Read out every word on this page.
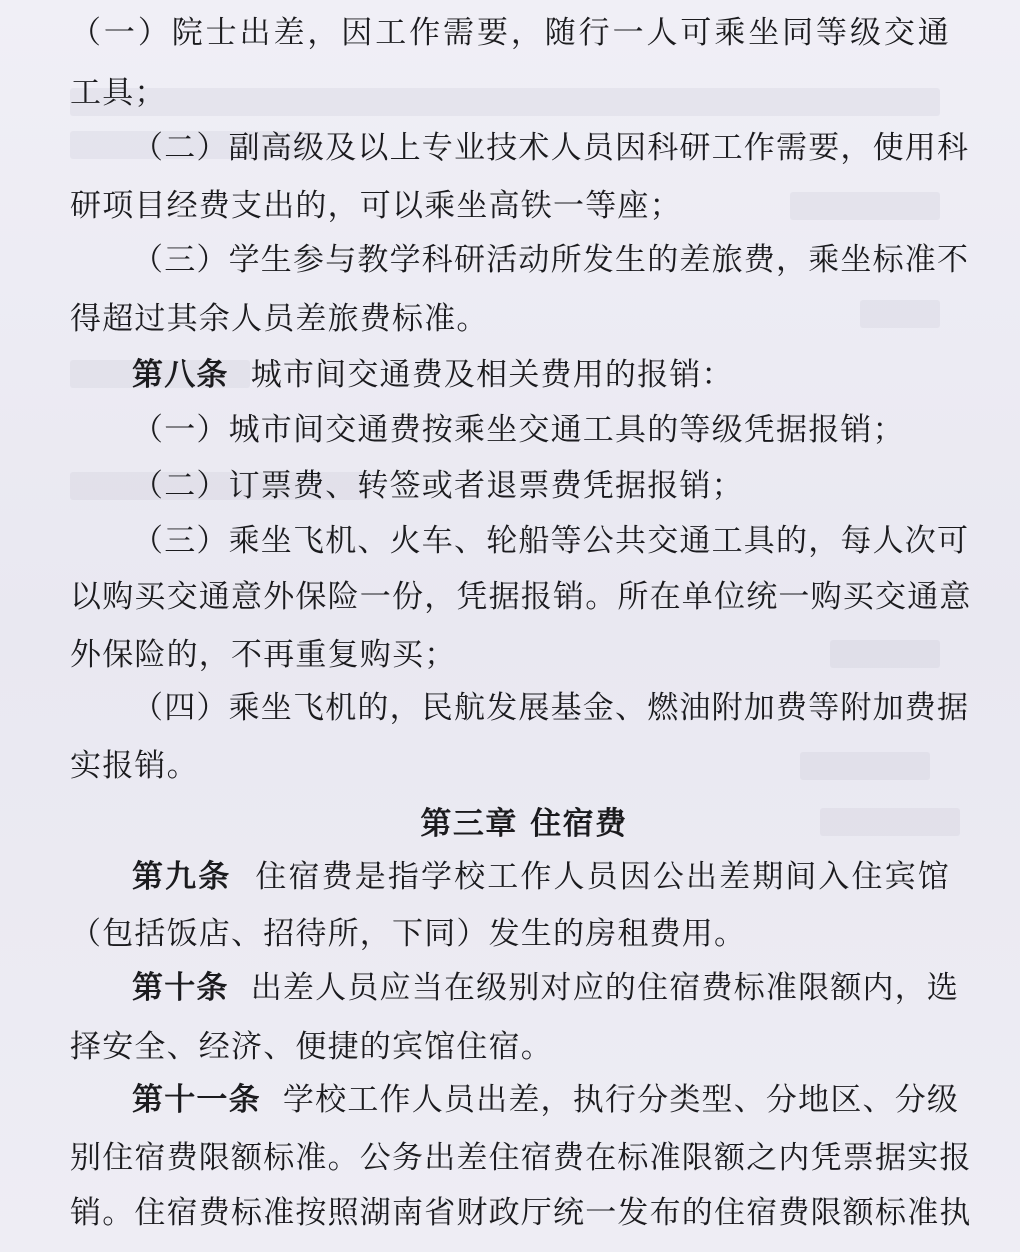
（一）院士出差，因工作需要，随行一人可乘坐同等级交通
工具；
（二）副高级及以上专业技术人员因科研工作需要，使用科
研项目经费支出的，可以乘坐高铁一等座；
（三）学生参与教学科研活动所发生的差旅费，乘坐标准不
得超过其余人员差旅费标准。
第八条 城市间交通费及相关费用的报销：
（一）城市间交通费按乘坐交通工具的等级凭据报销；
（二）订票费、转签或者退票费凭据报销；
（三）乘坐飞机、火车、轮船等公共交通工具的，每人次可
以购买交通意外保险一份，凭据报销。所在单位统一购买交通意
外保险的，不再重复购买；
（四）乘坐飞机的，民航发展基金、燃油附加费等附加费据
实报销。
第三章 住宿费
第九条 住宿费是指学校工作人员因公出差期间入住宾馆
（包括饭店、招待所，下同）发生的房租费用。
第十条 出差人员应当在级别对应的住宿费标准限额内，选
择安全、经济、便捷的宾馆住宿。
第十一条 学校工作人员出差，执行分类型、分地区、分级
别住宿费限额标准。公务出差住宿费在标准限额之内凭票据实报
销。住宿费标准按照湖南省财政厅统一发布的住宿费限额标准执
